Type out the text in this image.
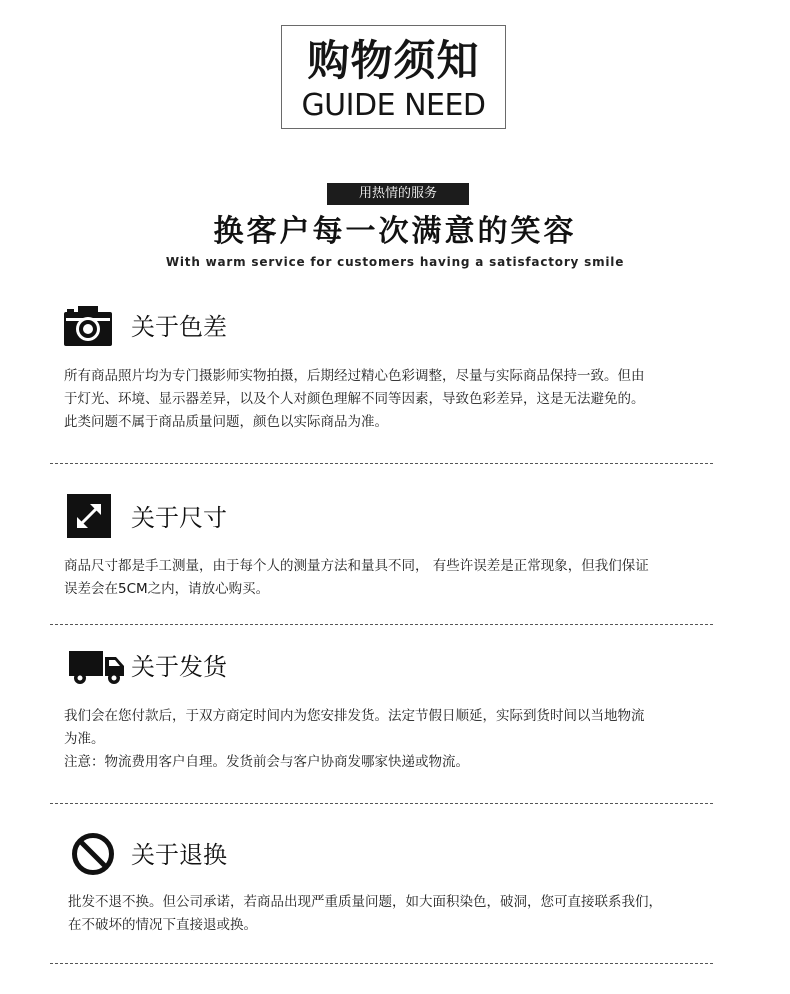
购物须知
GUIDE NEED
用热情的服务
换客户每一次满意的笑容
With warm service for customers having a satisfactory smile
关于色差

所有商品照片均为专门摄影师实物拍摄，后期经过精心色彩调整，尽量与实际商品保持一致。但由

于灯光、环境、显示器差异，以及个人对颜色理解不同等因素，导致色彩差异，这是无法避免的。

此类问题不属于商品质量问题，颜色以实际商品为准。

关于尺寸

商品尺寸都是手工测量，由于每个人的测量方法和量具不同， 有些许误差是正常现象，但我们保证

误差会在5CM之内，请放心购买。

关于发货

我们会在您付款后，于双方商定时间内为您安排发货。法定节假日顺延，实际到货时间以当地物流

为准。

注意：物流费用客户自理。发货前会与客户协商发哪家快递或物流。

关于退换

批发不退不换。但公司承诺，若商品出现严重质量问题，如大面积染色，破洞，您可直接联系我们，

在不破坏的情况下直接退或换。
